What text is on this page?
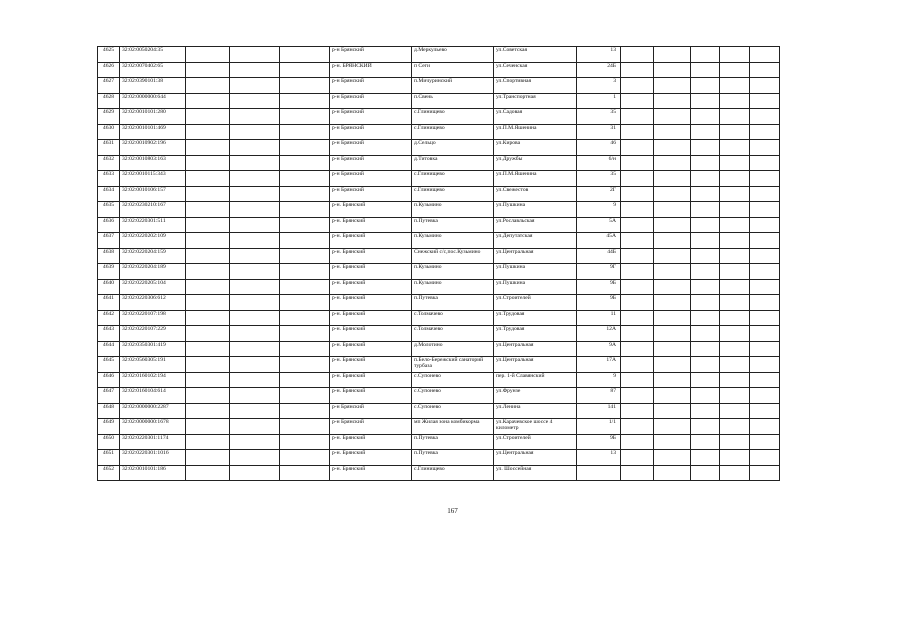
4625	32:02:0050204:35				р-н Брянский	д.Меркульево	ул.Советская	13					
4626	32:02:0070402:65				р-н. БРЯНСКИЙ	п Сеги	ул.Сеченская	24Б					
4627	32:02:0390101:38				р-н Брянский	п.Мичуринский	ул.Спортивная	3					
4628	32:02:0000000:644				р-н Брянский	п.Свень	ул.Транспортная	1					
4629	32:02:0010101:280				р-н Брянский	с.Глинищево	ул.Садовая	35					
4630	32:02:0010101:469				р-н Брянский	с.Глинищево	ул.П.М.Яшенина	31					
4631	32:02:0010902:196				р-н Брянский	д.Сельцо	ул.Кирова	46					
4632	32:02:0010803:163				р-н Брянский	д.Титовка	ул.Дружбы	6/н					
4633	32:02:0010115:343				р-н Брянский	с.Глинищево	ул.П.М.Яшенина	35					
4634	32:02:0010106:157				р-н Брянский	с.Глинищево	ул.Свежестов	2Г					
4635	32:02:0230210:167				р-н. Брянский	п.Кузьмино	ул.Пушкина	9					
4636	32:02:0220301:511				р-н. Брянский	п.Путевка	ул.Рославльская	5А					
4637	32:02:0220202:109				р-н. Брянский	п.Кузьмино	ул.Депутатская	45А					
4638	32:02:0220204:159				р-н. Брянский	Снежский с/с,пос.Кузьмино	ул.Центральная	44Б					
4639	32:02:0220204:189				р-н. Брянский	п.Кузьмино	ул.Пушкина	9Г					
4640	32:02:0220205:104				р-н. Брянский	п.Кузьмино	ул.Пушкина	9Б					
4641	32:02:0220306:612				р-н. Брянский	п.Путевка	ул.Строителей	9Б					
4642	32:02:0220107:198				р-н. Брянский	с.Толмачево	ул.Трудовая	11					
4643	32:02:0220107:229				р-н. Брянский	с.Толмачево	ул.Трудовая	12А					
4644	32:02:0350301:419				р-н. Брянский	д.Молотино	ул.Центральная	9А					
4645	32:02:0560305:191				р-н. Брянский	п.Бело-Бережский санаторий турбаза	ул.Центральная	17А					
4646	32:02:0160102:194				р-н. Брянский	с.Супонево	пер. 1-й Славянский	9					
4647	32:02:0160104:614				р-н. Брянский	с.Супонево	ул.Фрунзе	87					
4648	32:02:0000000:2287				р-н Брянский	с.Супонево	ул.Ленина	141					
4649	32:02:0000000:1678				р-н Брянский	мп Жилая зона комбикорма	ул.Карачевское шоссе 4 километр	1/1					
4650	32:02:0220301:1174				р-н. Брянский	п.Путевка	ул.Строителей	9Б					
4651	32:02:0220301:1016				р-н. Брянский	п.Путевка	ул.Центральная	13					
4652	32:02:0010101:186				р-н. Брянский	с.Глинищево	ул. Шоссейная						
167
